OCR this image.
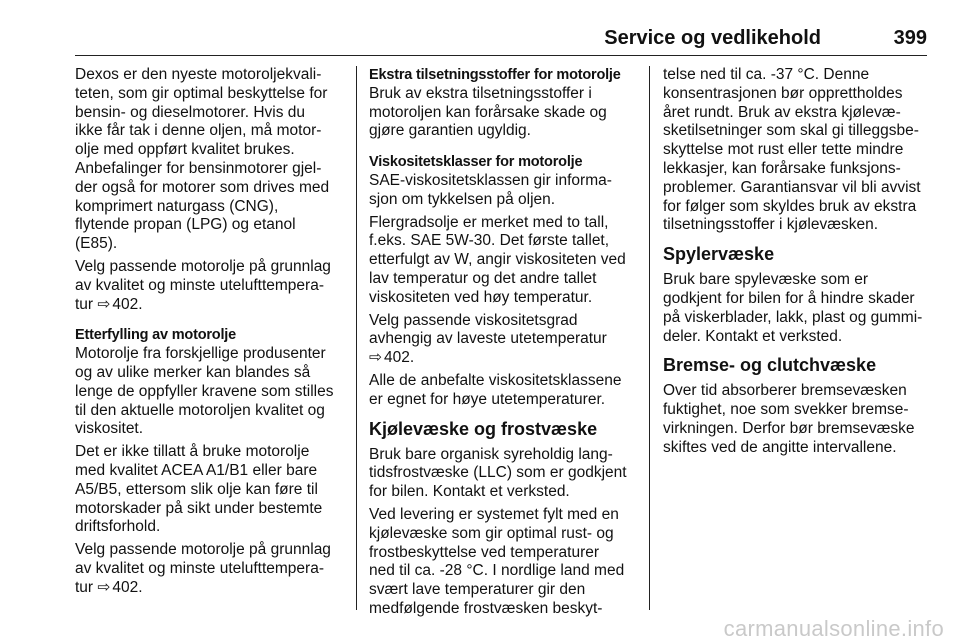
Service og vedlikehold	399
Dexos er den nyeste motoroljekvali-
teten, som gir optimal beskyttelse for
bensin- og dieselmotorer. Hvis du
ikke får tak i denne oljen, må motor-
olje med oppført kvalitet brukes.
Anbefalinger for bensinmotorer gjel-
der også for motorer som drives med
komprimert naturgass (CNG),
flytende propan (LPG) og etanol
(E85).
Velg passende motorolje på grunnlag
av kvalitet og minste utelufttempera-
tur ⇨ 402.
Etterfylling av motorolje
Motorolje fra forskjellige produsenter
og av ulike merker kan blandes så
lenge de oppfyller kravene som stilles
til den aktuelle motoroljen kvalitet og
viskositet.
Det er ikke tillatt å bruke motorolje
med kvalitet ACEA A1/B1 eller bare
A5/B5, ettersom slik olje kan føre til
motorskader på sikt under bestemte
driftsforhold.
Velg passende motorolje på grunnlag
av kvalitet og minste utelufttempera-
tur ⇨ 402.
Ekstra tilsetningsstoffer for motorolje
Bruk av ekstra tilsetningsstoffer i
motoroljen kan forårsake skade og
gjøre garantien ugyldig.
Viskositetsklasser for motorolje
SAE-viskositetsklassen gir informa-
sjon om tykkelsen på oljen.
Flergradsolje er merket med to tall,
f.eks. SAE 5W-30. Det første tallet,
etterfulgt av W, angir viskositeten ved
lav temperatur og det andre tallet
viskositeten ved høy temperatur.
Velg passende viskositetsgrad
avhengig av laveste utetemperatur
⇨ 402.
Alle de anbefalte viskositetsklassene
er egnet for høye utetemperaturer.
Kjølevæske og frostvæske
Bruk bare organisk syreholdig lang-
tidsfrostvæske (LLC) som er godkjent
for bilen. Kontakt et verksted.
Ved levering er systemet fylt med en
kjølevæske som gir optimal rust- og
frostbeskyttelse ved temperaturer
ned til ca. -28 °C. I nordlige land med
svært lave temperaturer gir den
medfølgende frostvæsken beskyt-
telse ned til ca. -37 °C. Denne
konsentrasjonen bør opprettholdes
året rundt. Bruk av ekstra kjølevæ-
sketilsetninger som skal gi tilleggsbe-
skyttelse mot rust eller tette mindre
lekkasjer, kan forårsake funksjons-
problemer. Garantiansvar vil bli avvist
for følger som skyldes bruk av ekstra
tilsetningsstoffer i kjølevæsken.
Spylervæske
Bruk bare spylevæske som er
godkjent for bilen for å hindre skader
på viskerblader, lakk, plast og gummi-
deler. Kontakt et verksted.
Bremse- og clutchvæske
Over tid absorberer bremsevæsken
fuktighet, noe som svekker bremse-
virkningen. Derfor bør bremsevæske
skiftes ved de angitte intervallene.
carmanualsonline.info
